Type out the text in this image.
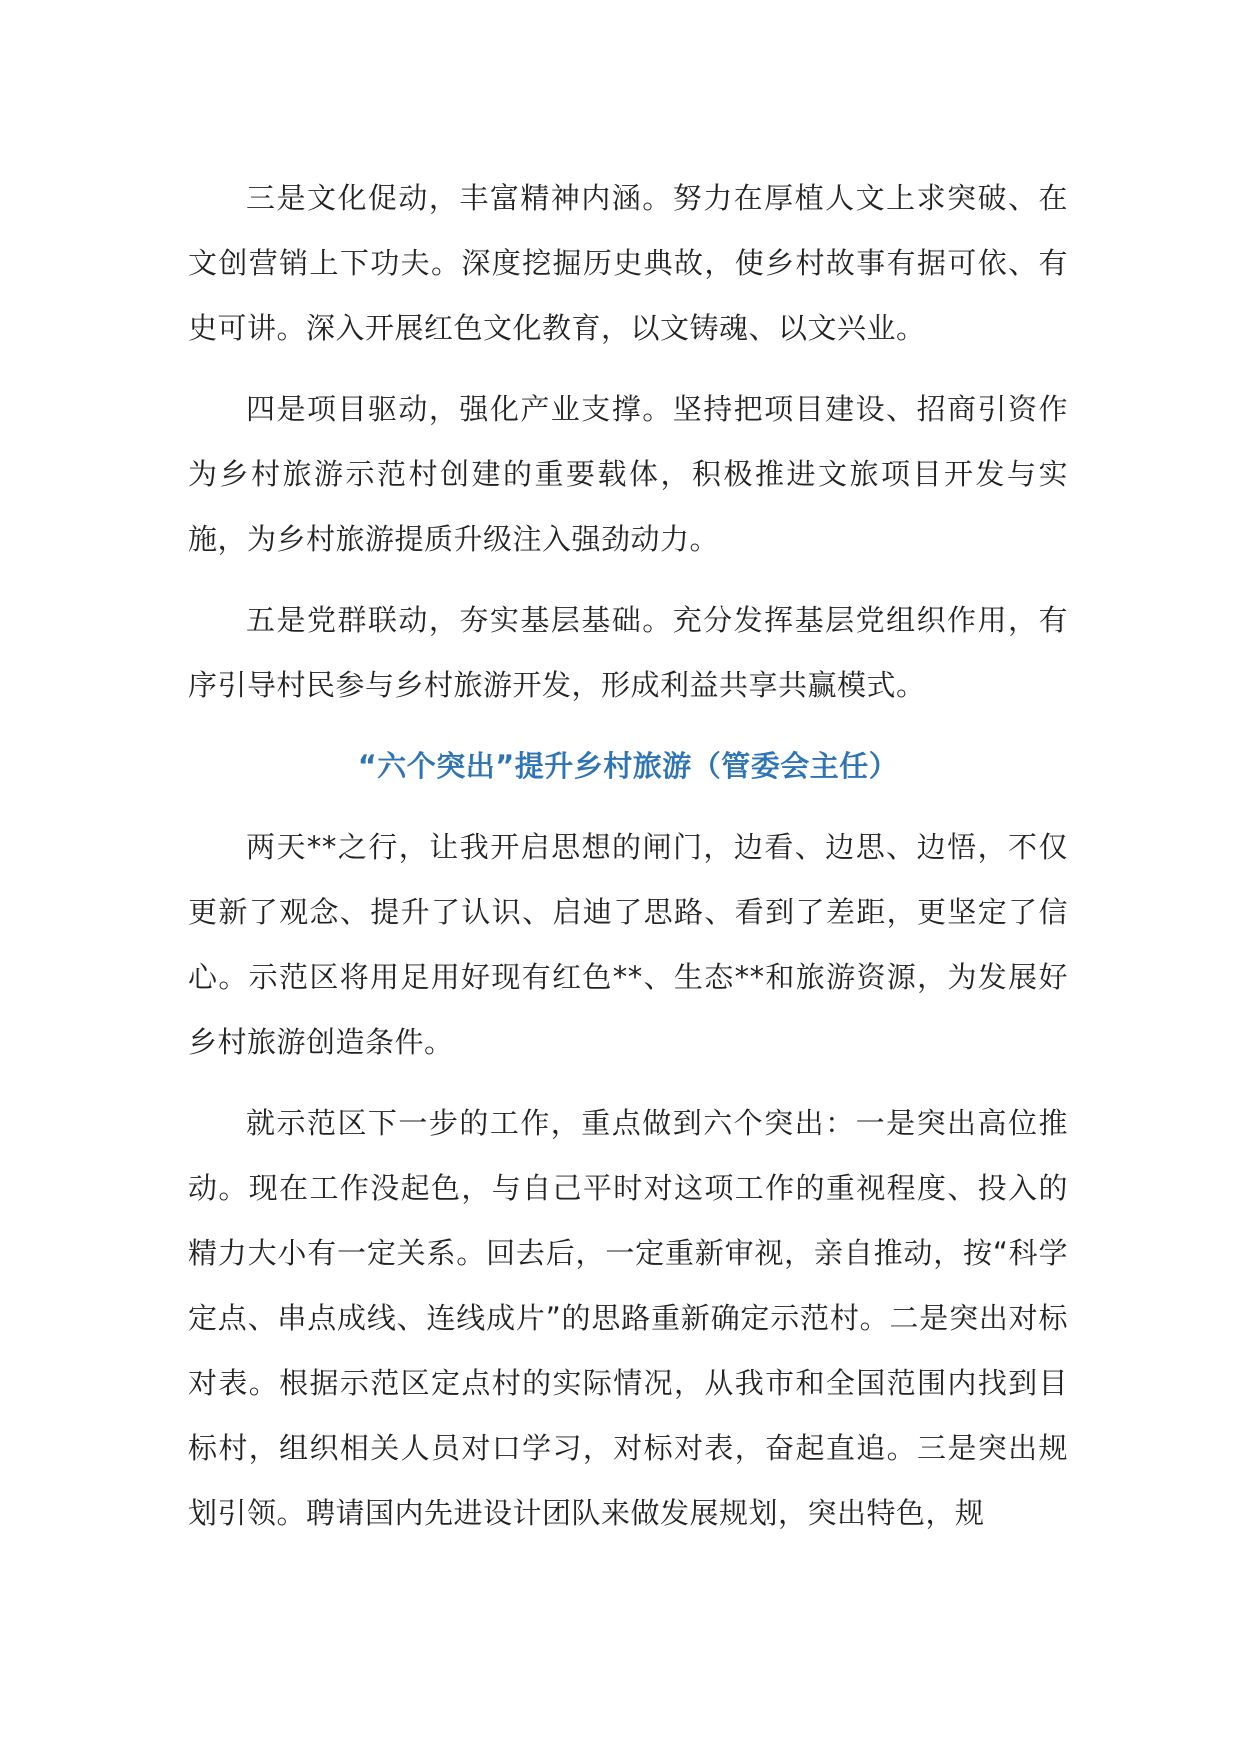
三是文化促动，丰富精神内涵。努力在厚植人文上求突破、在文创营销上下功夫。深度挖掘历史典故，使乡村故事有据可依、有史可讲。深入开展红色文化教育，以文铸魂、以文兴业。

四是项目驱动，强化产业支撑。坚持把项目建设、招商引资作为乡村旅游示范村创建的重要载体，积极推进文旅项目开发与实施，为乡村旅游提质升级注入强劲动力。

五是党群联动，夯实基层基础。充分发挥基层党组织作用，有序引导村民参与乡村旅游开发，形成利益共享共赢模式。

“六个突出”提升乡村旅游（管委会主任）

两天**之行，让我开启思想的闸门，边看、边思、边悟，不仅更新了观念、提升了认识、启迪了思路、看到了差距，更坚定了信心。示范区将用足用好现有红色**、生态**和旅游资源，为发展好乡村旅游创造条件。

就示范区下一步的工作，重点做到六个突出：一是突出高位推动。现在工作没起色，与自己平时对这项工作的重视程度、投入的精力大小有一定关系。回去后，一定重新审视，亲自推动，按“科学定点、串点成线、连线成片”的思路重新确定示范村。二是突出对标对表。根据示范区定点村的实际情况，从我市和全国范围内找到目标村，组织相关人员对口学习，对标对表，奋起直追。三是突出规划引领。聘请国内先进设计团队来做发展规划，突出特色，规
